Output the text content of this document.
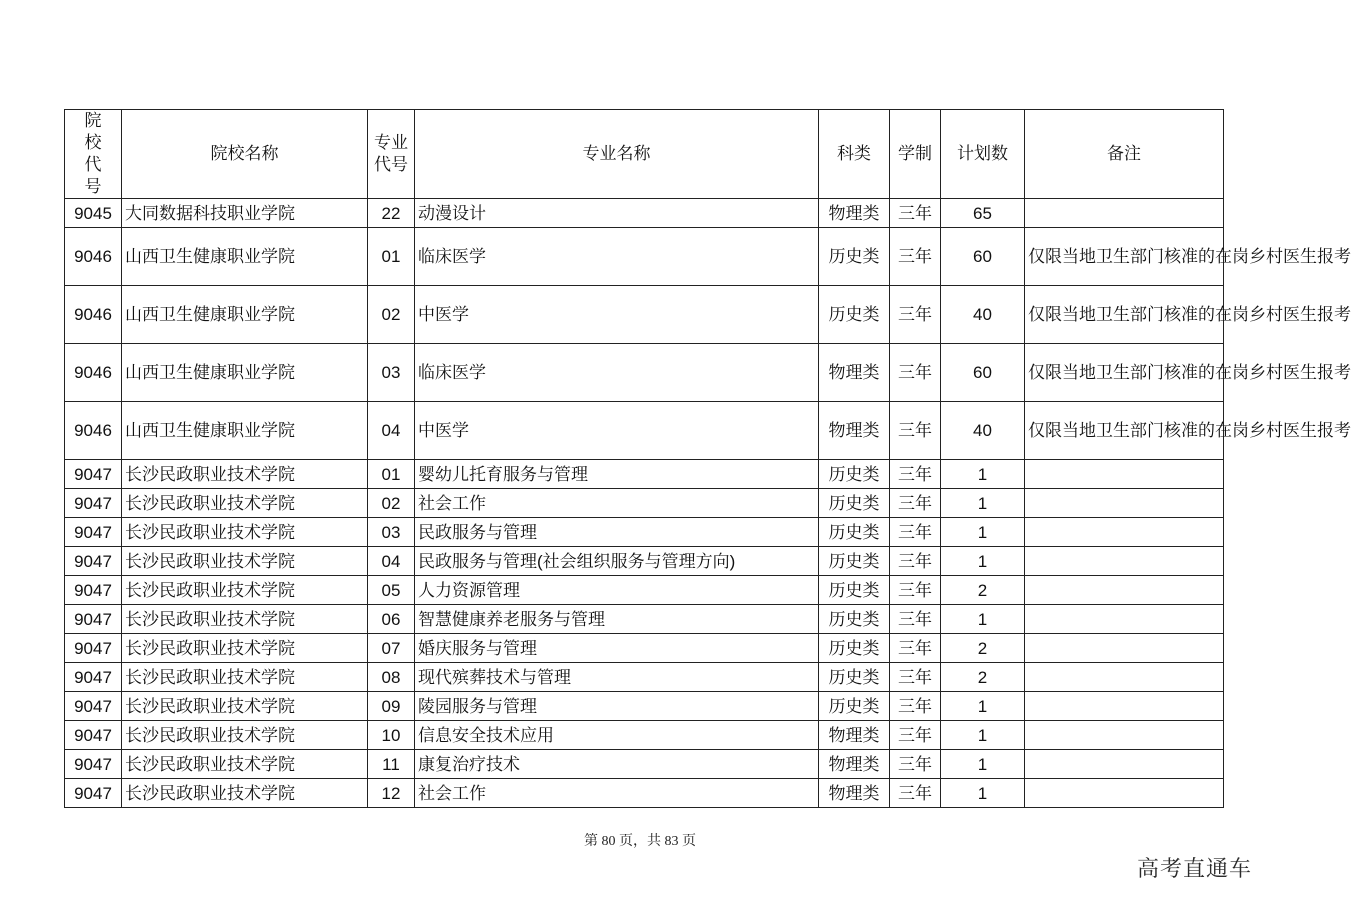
院校代号	院校名称	专业代号	专业名称	科类	学制	计划数	备注
9045	大同数据科技职业学院	22	动漫设计	物理类	三年	65	
9046	山西卫生健康职业学院	01	临床医学	历史类	三年	60	仅限当地卫生部门核准的在岗乡村医生报考
9046	山西卫生健康职业学院	02	中医学	历史类	三年	40	仅限当地卫生部门核准的在岗乡村医生报考
9046	山西卫生健康职业学院	03	临床医学	物理类	三年	60	仅限当地卫生部门核准的在岗乡村医生报考
9046	山西卫生健康职业学院	04	中医学	物理类	三年	40	仅限当地卫生部门核准的在岗乡村医生报考
9047	长沙民政职业技术学院	01	婴幼儿托育服务与管理	历史类	三年	1	
9047	长沙民政职业技术学院	02	社会工作	历史类	三年	1	
9047	长沙民政职业技术学院	03	民政服务与管理	历史类	三年	1	
9047	长沙民政职业技术学院	04	民政服务与管理(社会组织服务与管理方向)	历史类	三年	1	
9047	长沙民政职业技术学院	05	人力资源管理	历史类	三年	2	
9047	长沙民政职业技术学院	06	智慧健康养老服务与管理	历史类	三年	1	
9047	长沙民政职业技术学院	07	婚庆服务与管理	历史类	三年	2	
9047	长沙民政职业技术学院	08	现代殡葬技术与管理	历史类	三年	2	
9047	长沙民政职业技术学院	09	陵园服务与管理	历史类	三年	1	
9047	长沙民政职业技术学院	10	信息安全技术应用	物理类	三年	1	
9047	长沙民政职业技术学院	11	康复治疗技术	物理类	三年	1	
9047	长沙民政职业技术学院	12	社会工作	物理类	三年	1	
第 80 页，共 83 页
高考直通车
